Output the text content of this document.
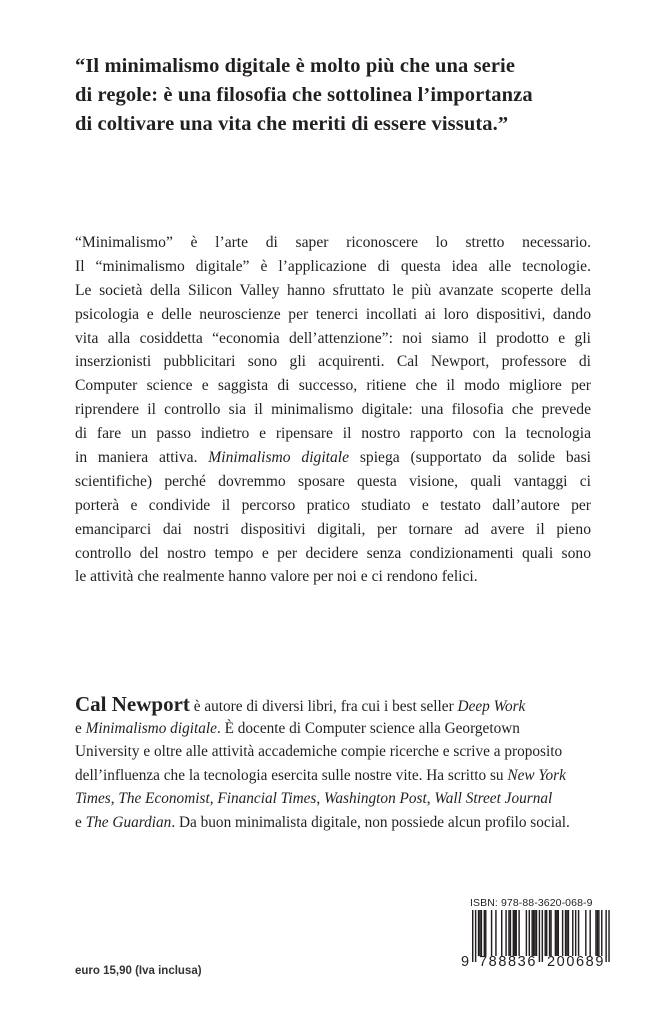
“Il minimalismo digitale è molto più che una serie
di regole: è una filosofia che sottolinea l’importanza
di coltivare una vita che meriti di essere vissuta.”
“Minimalismo” è l’arte di saper riconoscere lo stretto necessario.
Il “minimalismo digitale” è l’applicazione di questa idea alle tecnologie.
Le società della Silicon Valley hanno sfruttato le più avanzate scoperte della
psicologia e delle neuroscienze per tenerci incollati ai loro dispositivi, dando
vita alla cosiddetta “economia dell’attenzione”: noi siamo il prodotto e gli
inserzionisti pubblicitari sono gli acquirenti. Cal Newport, professore di
Computer science e saggista di successo, ritiene che il modo migliore per
riprendere il controllo sia il minimalismo digitale: una filosofia che prevede
di fare un passo indietro e ripensare il nostro rapporto con la tecnologia
in maniera attiva. Minimalismo digitale spiega (supportato da solide basi
scientifiche) perché dovremmo sposare questa visione, quali vantaggi ci
porterà e condivide il percorso pratico studiato e testato dall’autore per
emanciparci dai nostri dispositivi digitali, per tornare ad avere il pieno
controllo del nostro tempo e per decidere senza condizionamenti quali sono
le attività che realmente hanno valore per noi e ci rendono felici.
Cal Newport è autore di diversi libri, fra cui i best seller Deep Work
e Minimalismo digitale. È docente di Computer science alla Georgetown
University e oltre alle attività accademiche compie ricerche e scrive a proposito
dell’influenza che la tecnologia esercita sulle nostre vite. Ha scritto su New York
Times, The Economist, Financial Times, Washington Post, Wall Street Journal
e The Guardian. Da buon minimalista digitale, non possiede alcun profilo social.
euro 15,90 (Iva inclusa)
ISBN: 978-88-3620-068-9
9 788836 200689
